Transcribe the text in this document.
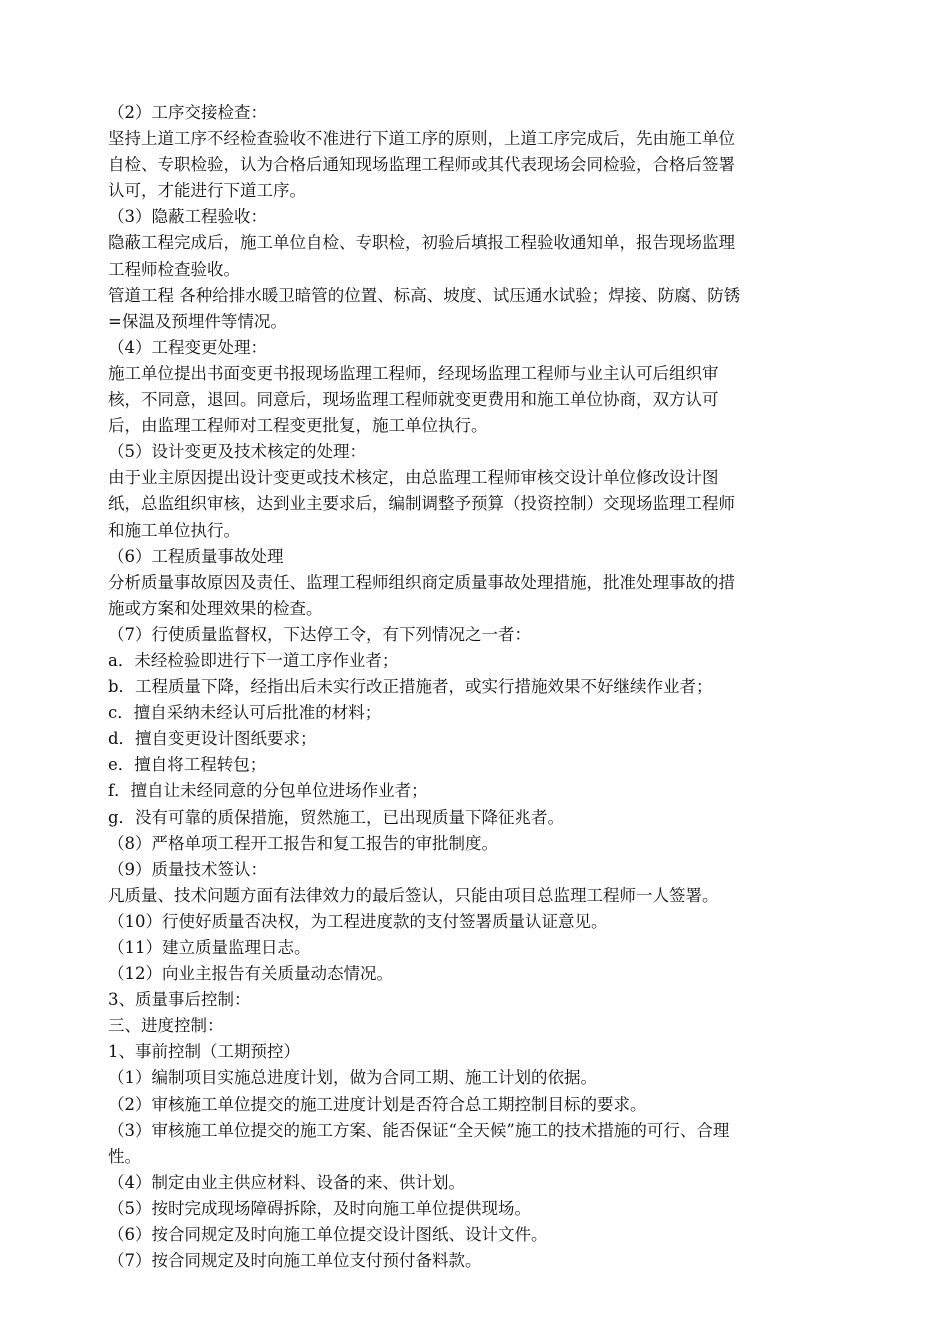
（2）工序交接检查：
坚持上道工序不经检查验收不准进行下道工序的原则，上道工序完成后，先由施工单位
自检、专职检验，认为合格后通知现场监理工程师或其代表现场会同检验，合格后签署
认可，才能进行下道工序。
（3）隐蔽工程验收：
隐蔽工程完成后，施工单位自检、专职检，初验后填报工程验收通知单，报告现场监理
工程师检查验收。
管道工程 各种给排水暖卫暗管的位置、标高、坡度、试压通水试验；焊接、防腐、防锈
=保温及预埋件等情况。
（4）工程变更处理：
施工单位提出书面变更书报现场监理工程师，经现场监理工程师与业主认可后组织审
核，不同意，退回。同意后，现场监理工程师就变更费用和施工单位协商，双方认可
后，由监理工程师对工程变更批复，施工单位执行。
（5）设计变更及技术核定的处理：
由于业主原因提出设计变更或技术核定，由总监理工程师审核交设计单位修改设计图
纸，总监组织审核，达到业主要求后，编制调整予预算（投资控制）交现场监理工程师
和施工单位执行。
（6）工程质量事故处理
分析质量事故原因及责任、监理工程师组织商定质量事故处理措施，批准处理事故的措
施或方案和处理效果的检查。
（7）行使质量监督权，下达停工令，有下列情况之一者：
a．未经检验即进行下一道工序作业者；
b．工程质量下降，经指出后未实行改正措施者，或实行措施效果不好继续作业者；
c．擅自采纳未经认可后批准的材料；
d．擅自变更设计图纸要求；
e．擅自将工程转包；
f．擅自让未经同意的分包单位进场作业者；
g．没有可靠的质保措施，贸然施工，已出现质量下降征兆者。
（8）严格单项工程开工报告和复工报告的审批制度。
（9）质量技术签认：
凡质量、技术问题方面有法律效力的最后签认，只能由项目总监理工程师一人签署。
（10）行使好质量否决权，为工程进度款的支付签署质量认证意见。
（11）建立质量监理日志。
（12）向业主报告有关质量动态情况。
3、质量事后控制：
三、进度控制：
1、事前控制（工期预控）
（1）编制项目实施总进度计划，做为合同工期、施工计划的依据。
（2）审核施工单位提交的施工进度计划是否符合总工期控制目标的要求。
（3）审核施工单位提交的施工方案、能否保证“全天候”施工的技术措施的可行、合理
性。
（4）制定由业主供应材料、设备的来、供计划。
（5）按时完成现场障碍拆除，及时向施工单位提供现场。
（6）按合同规定及时向施工单位提交设计图纸、设计文件。
（7）按合同规定及时向施工单位支付预付备料款。
